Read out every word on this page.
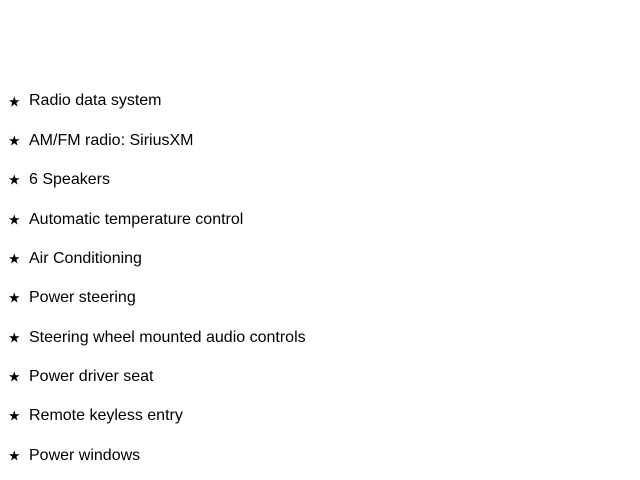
★ Radio data system
★ AM/FM radio: SiriusXM
★ 6 Speakers
★ Automatic temperature control
★ Air Conditioning
★ Power steering
★ Steering wheel mounted audio controls
★ Power driver seat
★ Remote keyless entry
★ Power windows
